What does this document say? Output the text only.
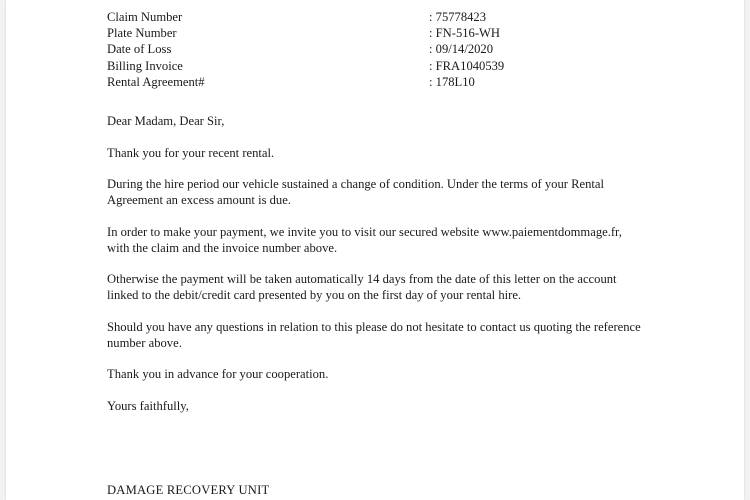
Claim Number	: 75778423
Plate Number	: FN-516-WH
Date of Loss	: 09/14/2020
Billing Invoice	: FRA1040539
Rental Agreement#	: 178L10

Dear Madam, Dear Sir,

Thank you for your recent rental.

During the hire period our vehicle sustained a change of condition. Under the terms of your Rental Agreement an excess amount is due.

In order to make your payment, we invite you to visit our secured website www.paiementdommage.fr, with the claim and the invoice number above.

Otherwise the payment will be taken automatically 14 days from the date of this letter on the account linked to the debit/credit card presented by you on the first day of your rental hire.

Should you have any questions in relation to this please do not hesitate to contact us quoting the reference number above.

Thank you in advance for your cooperation.

Yours faithfully,

DAMAGE RECOVERY UNIT
